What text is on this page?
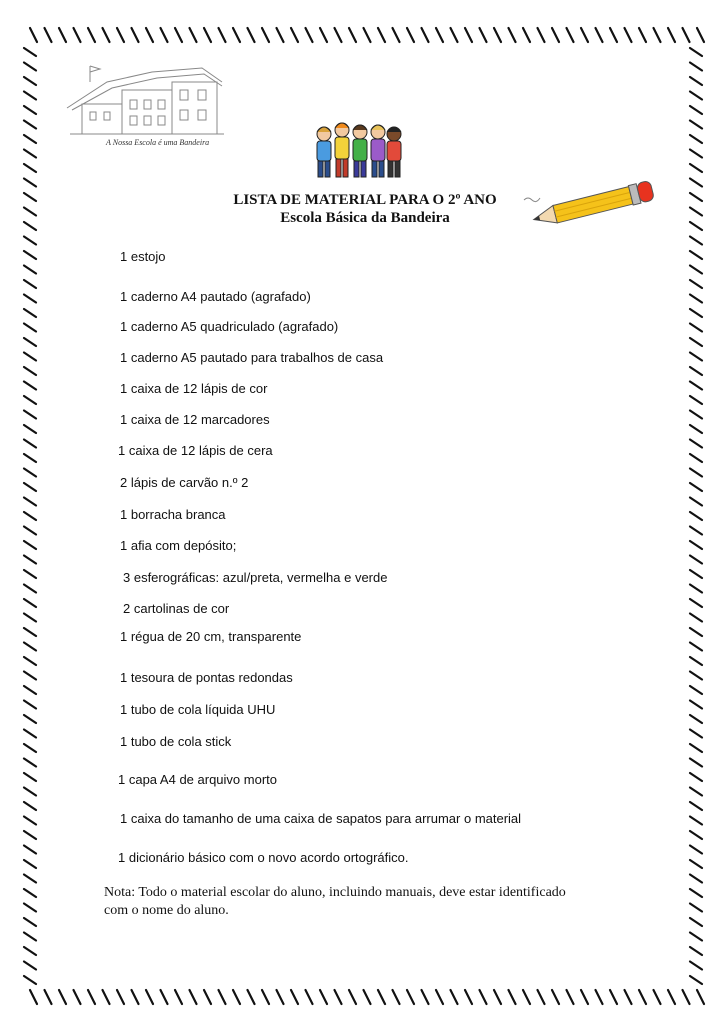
A Nossa Escola é uma Bandeira
LISTA DE MATERIAL PARA O 2º ANO
Escola Básica da Bandeira
1 estojo
1 caderno A4 pautado (agrafado)
1 caderno A5 quadriculado (agrafado)
1 caderno A5 pautado para trabalhos de casa
1 caixa de 12 lápis de cor
1 caixa de 12 marcadores
1 caixa de 12 lápis de cera
2 lápis de carvão n.º 2
1 borracha branca
1 afia com depósito;
3 esferográficas: azul/preta, vermelha e verde
2 cartolinas de cor
1 régua de 20 cm, transparente
1 tesoura de pontas redondas
1 tubo de cola líquida UHU
1 tubo de cola stick
1 capa A4 de arquivo morto
1 caixa do tamanho de uma caixa de sapatos para arrumar o material
1 dicionário básico com o novo acordo ortográfico.
Nota: Todo o material escolar do aluno, incluindo manuais, deve estar identificado com o nome do aluno.
